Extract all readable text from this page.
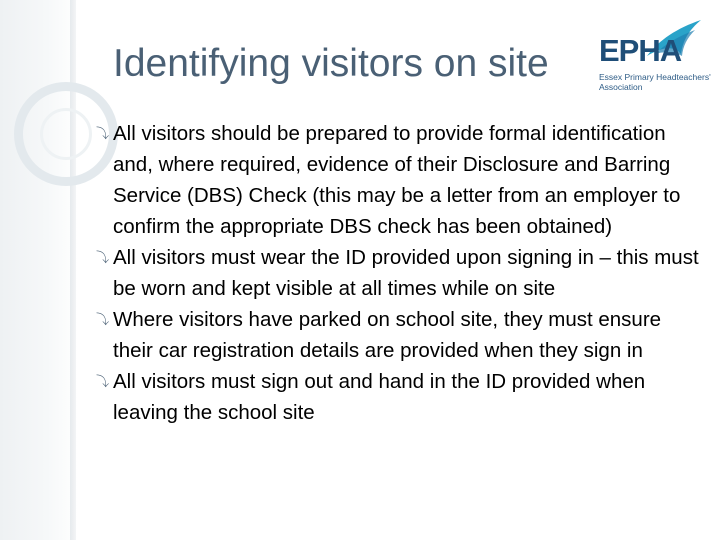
Identifying visitors on site EPHA
Essex Primary Headteachers'
Association
⤵ All visitors should be prepared to provide formal identification and, where required, evidence of their Disclosure and Barring Service (DBS) Check (this may be a letter from an employer to confirm the appropriate DBS check has been obtained)
⤵ All visitors must wear the ID provided upon signing in – this must be worn and kept visible at all times while on site
⤵ Where visitors have parked on school site, they must ensure their car registration details are provided when they sign in
⤵ All visitors must sign out and hand in the ID provided when leaving the school site
